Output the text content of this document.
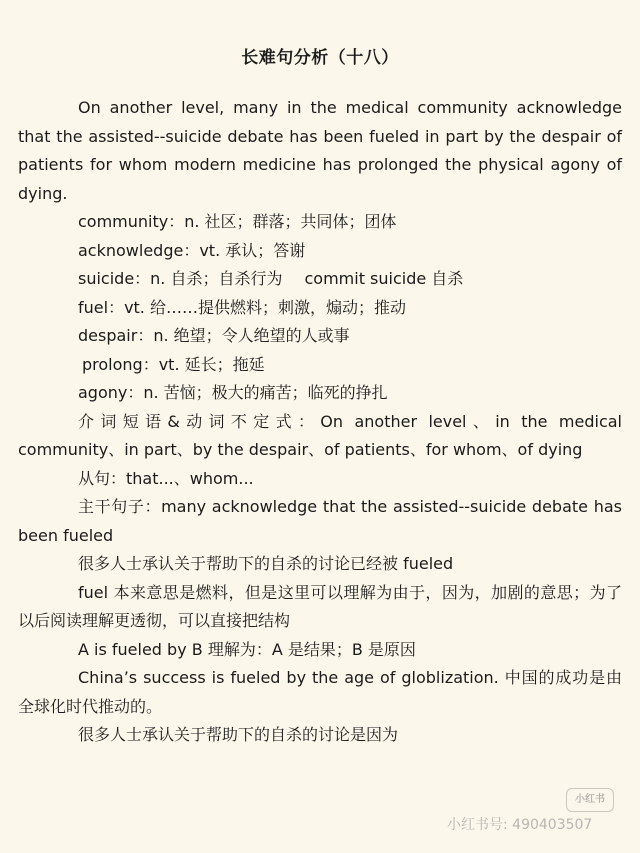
长难句分析（十八）

On another level, many in the medical community acknowledge that the assisted--suicide debate has been fueled in part by the despair of patients for whom modern medicine has prolonged the physical agony of dying.

community：n. 社区；群落；共同体；团体

acknowledge：vt. 承认；答谢

suicide：n. 自杀；自杀行为 commit suicide 自杀

fuel：vt. 给……提供燃料；刺激，煽动；推动

despair：n. 绝望；令人绝望的人或事

prolong：vt. 延长；拖延

agony：n. 苦恼；极大的痛苦；临死的挣扎

介词短语&动词不定式：On another level、in the medical community、in part、by the despair、of patients、for whom、of dying

从句：that...、whom...

主干句子：many acknowledge that the assisted--suicide debate has been fueled

很多人士承认关于帮助下的自杀的讨论已经被 fueled

fuel 本来意思是燃料，但是这里可以理解为由于，因为，加剧的意思；为了以后阅读理解更透彻，可以直接把结构

A is fueled by B 理解为：A 是结果；B 是原因

China’s success is fueled by the age of globlization. 中国的成功是由全球化时代推动的。

很多人士承认关于帮助下的自杀的讨论是因为

小红书
小红书号: 490403507
